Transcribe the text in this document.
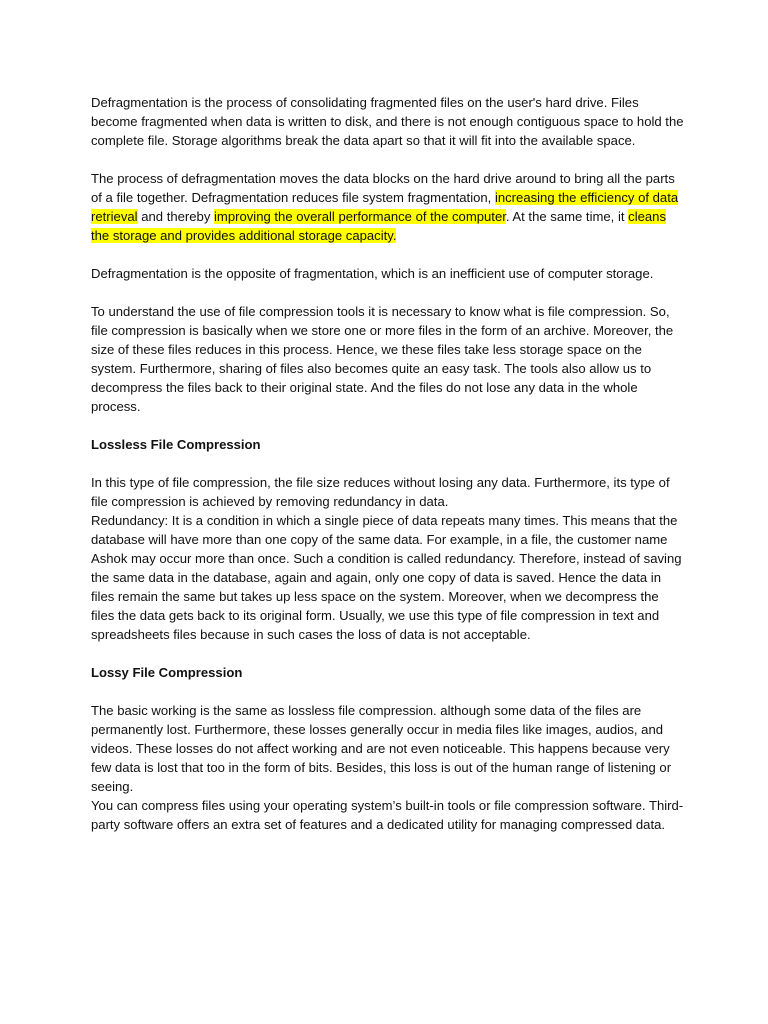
Defragmentation is the process of consolidating fragmented files on the user's hard drive. Files become fragmented when data is written to disk, and there is not enough contiguous space to hold the complete file. Storage algorithms break the data apart so that it will fit into the available space.

The process of defragmentation moves the data blocks on the hard drive around to bring all the parts of a file together. Defragmentation reduces file system fragmentation, increasing the efficiency of data retrieval and thereby improving the overall performance of the computer. At the same time, it cleans the storage and provides additional storage capacity.

Defragmentation is the opposite of fragmentation, which is an inefficient use of computer storage.

To understand the use of file compression tools it is necessary to know what is file compression. So, file compression is basically when we store one or more files in the form of an archive. Moreover, the size of these files reduces in this process. Hence, we these files take less storage space on the system. Furthermore, sharing of files also becomes quite an easy task. The tools also allow us to decompress the files back to their original state. And the files do not lose any data in the whole process.

Lossless File Compression

In this type of file compression, the file size reduces without losing any data. Furthermore, its type of file compression is achieved by removing redundancy in data.

Redundancy: It is a condition in which a single piece of data repeats many times. This means that the database will have more than one copy of the same data. For example, in a file, the customer name Ashok may occur more than once. Such a condition is called redundancy. Therefore, instead of saving the same data in the database, again and again, only one copy of data is saved. Hence the data in files remain the same but takes up less space on the system. Moreover, when we decompress the files the data gets back to its original form. Usually, we use this type of file compression in text and spreadsheets files because in such cases the loss of data is not acceptable.

Lossy File Compression

The basic working is the same as lossless file compression. although some data of the files are permanently lost. Furthermore, these losses generally occur in media files like images, audios, and videos. These losses do not affect working and are not even noticeable. This happens because very few data is lost that too in the form of bits. Besides, this loss is out of the human range of listening or seeing.

You can compress files using your operating system’s built-in tools or file compression software. Third-party software offers an extra set of features and a dedicated utility for managing compressed data.
